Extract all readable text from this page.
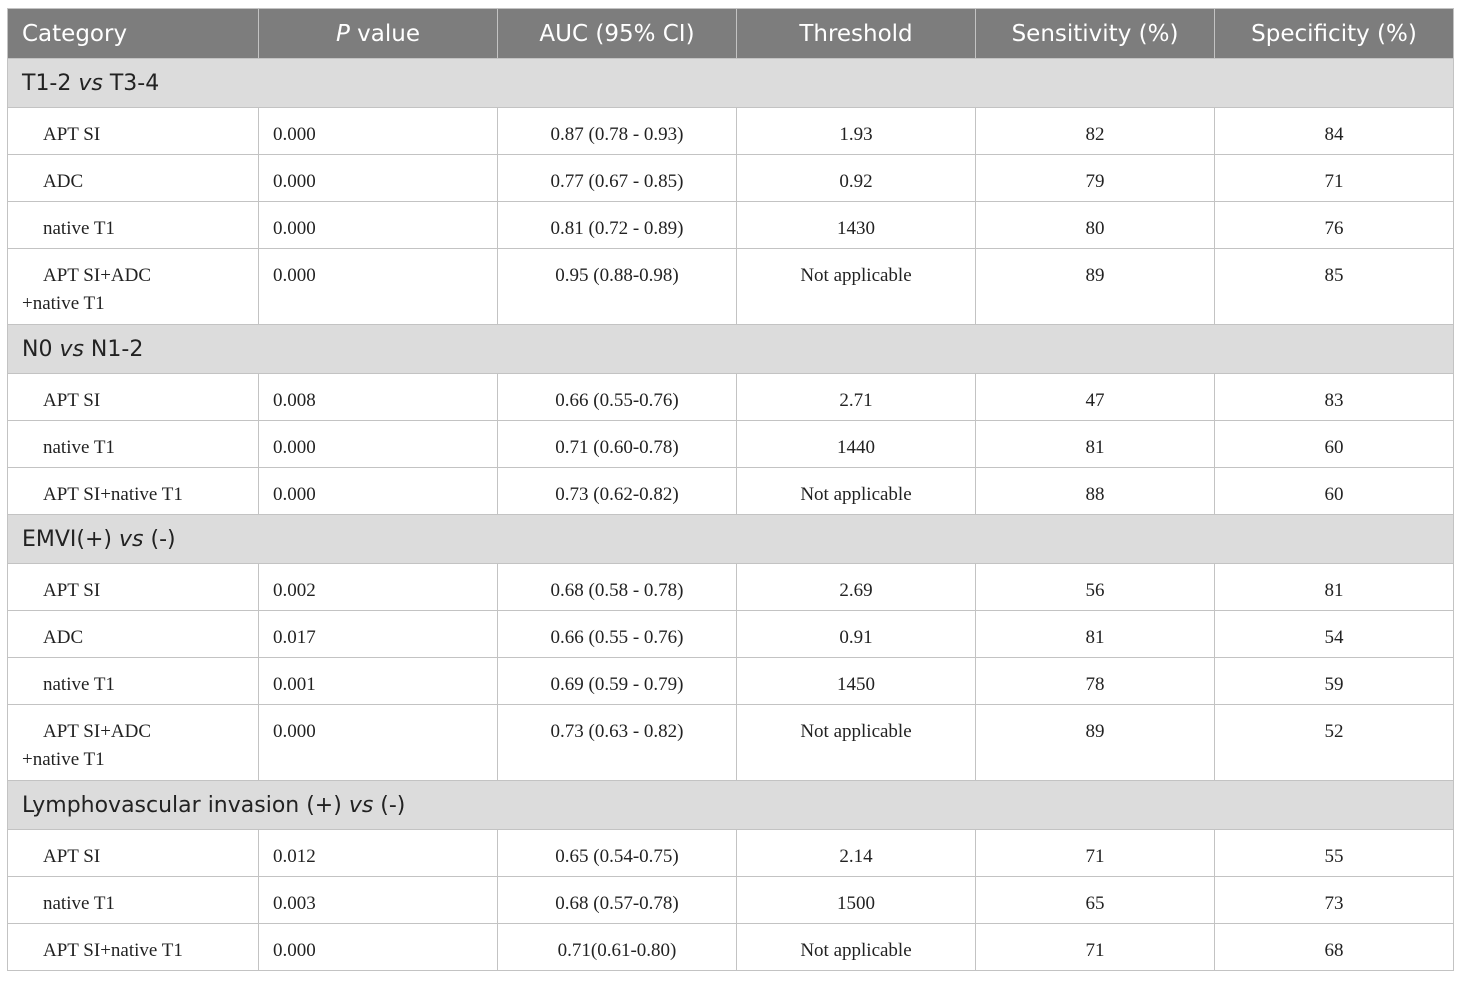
Category	P value	AUC (95% CI)	Threshold	Sensitivity (%)	Specificity (%)
T1-2 vs T3-4					
APT SI	0.000	0.87 (0.78 - 0.93)	1.93	82	84
ADC	0.000	0.77 (0.67 - 0.85)	0.92	79	71
native T1	0.000	0.81 (0.72 - 0.89)	1430	80	76
APT SI+ADC
+native T1	0.000	0.95 (0.88-0.98)	Not applicable	89	85
N0 vs N1-2					
APT SI	0.008	0.66 (0.55-0.76)	2.71	47	83
native T1	0.000	0.71 (0.60-0.78)	1440	81	60
APT SI+native T1	0.000	0.73 (0.62-0.82)	Not applicable	88	60
EMVI(+) vs (-)					
APT SI	0.002	0.68 (0.58 - 0.78)	2.69	56	81
ADC	0.017	0.66 (0.55 - 0.76)	0.91	81	54
native T1	0.001	0.69 (0.59 - 0.79)	1450	78	59
APT SI+ADC
+native T1	0.000	0.73 (0.63 - 0.82)	Not applicable	89	52
Lymphovascular invasion (+) vs (-)					
APT SI	0.012	0.65 (0.54-0.75)	2.14	71	55
native T1	0.003	0.68 (0.57-0.78)	1500	65	73
APT SI+native T1	0.000	0.71(0.61-0.80)	Not applicable	71	68
